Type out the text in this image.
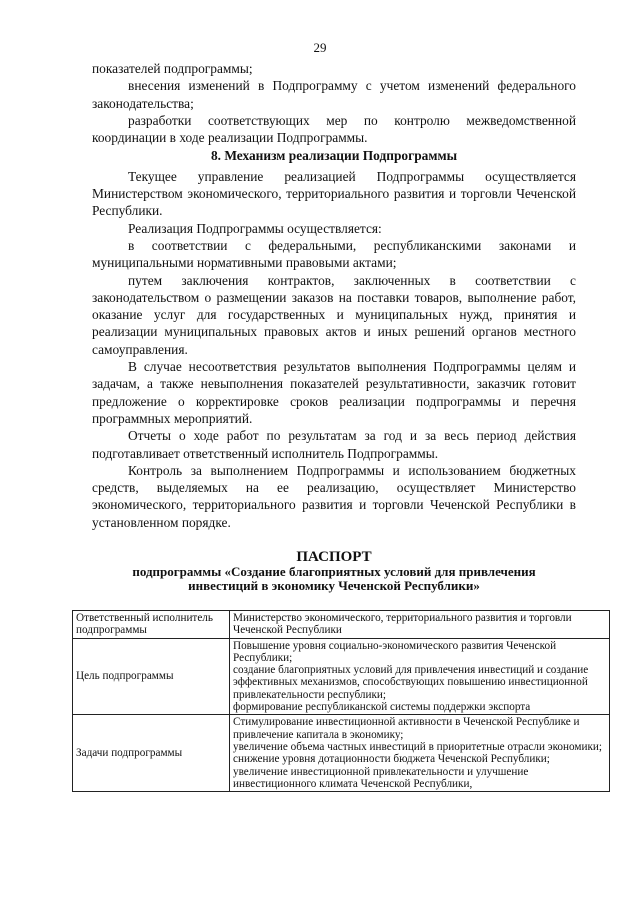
29

показателей подпрограммы;

внесения изменений в Подпрограмму с учетом изменений федерального законодательства;

разработки соответствующих мер по контролю межведомственной координации в ходе реализации Подпрограммы.

8. Механизм реализации Подпрограммы

Текущее управление реализацией Подпрограммы осуществляется Министерством экономического, территориального развития и торговли Чеченской Республики.

Реализация Подпрограммы осуществляется:

в соответствии с федеральными, республиканскими законами и муниципальными нормативными правовыми актами;

путем заключения контрактов, заключенных в соответствии с законодательством о размещении заказов на поставки товаров, выполнение работ, оказание услуг для государственных и муниципальных нужд, принятия и реализации муниципальных правовых актов и иных решений органов местного самоуправления.

В случае несоответствия результатов выполнения Подпрограммы целям и задачам, а также невыполнения показателей результативности, заказчик готовит предложение о корректировке сроков реализации подпрограммы и перечня программных мероприятий.

Отчеты о ходе работ по результатам за год и за весь период действия подготавливает ответственный исполнитель Подпрограммы.

Контроль за выполнением Подпрограммы и использованием бюджетных средств, выделяемых на ее реализацию, осуществляет Министерство экономического, территориального развития и торговли Чеченской Республики в установленном порядке.

ПАСПОРТ
подпрограммы «Создание благоприятных условий для привлечения
инвестиций в экономику Чеченской Республики»
Ответственный исполнитель подпрограммы	Министерство экономического, территориального развития и торговли Чеченской Республики

Цель подпрограммы	Повышение уровня социально-экономического развития Чеченской Республики;
создание благоприятных условий для привлечения инвестиций и создание эффективных механизмов, способствующих повышению инвестиционной привлекательности республики;
формирование республиканской системы поддержки экспорта

Задачи подпрограммы	Стимулирование инвестиционной активности в Чеченской Республике и привлечение капитала в экономику;
увеличение объема частных инвестиций в приоритетные отрасли экономики;
снижение уровня дотационности бюджета Чеченской Республики;
увеличение инвестиционной привлекательности и улучшение инвестиционного климата Чеченской Республики,
